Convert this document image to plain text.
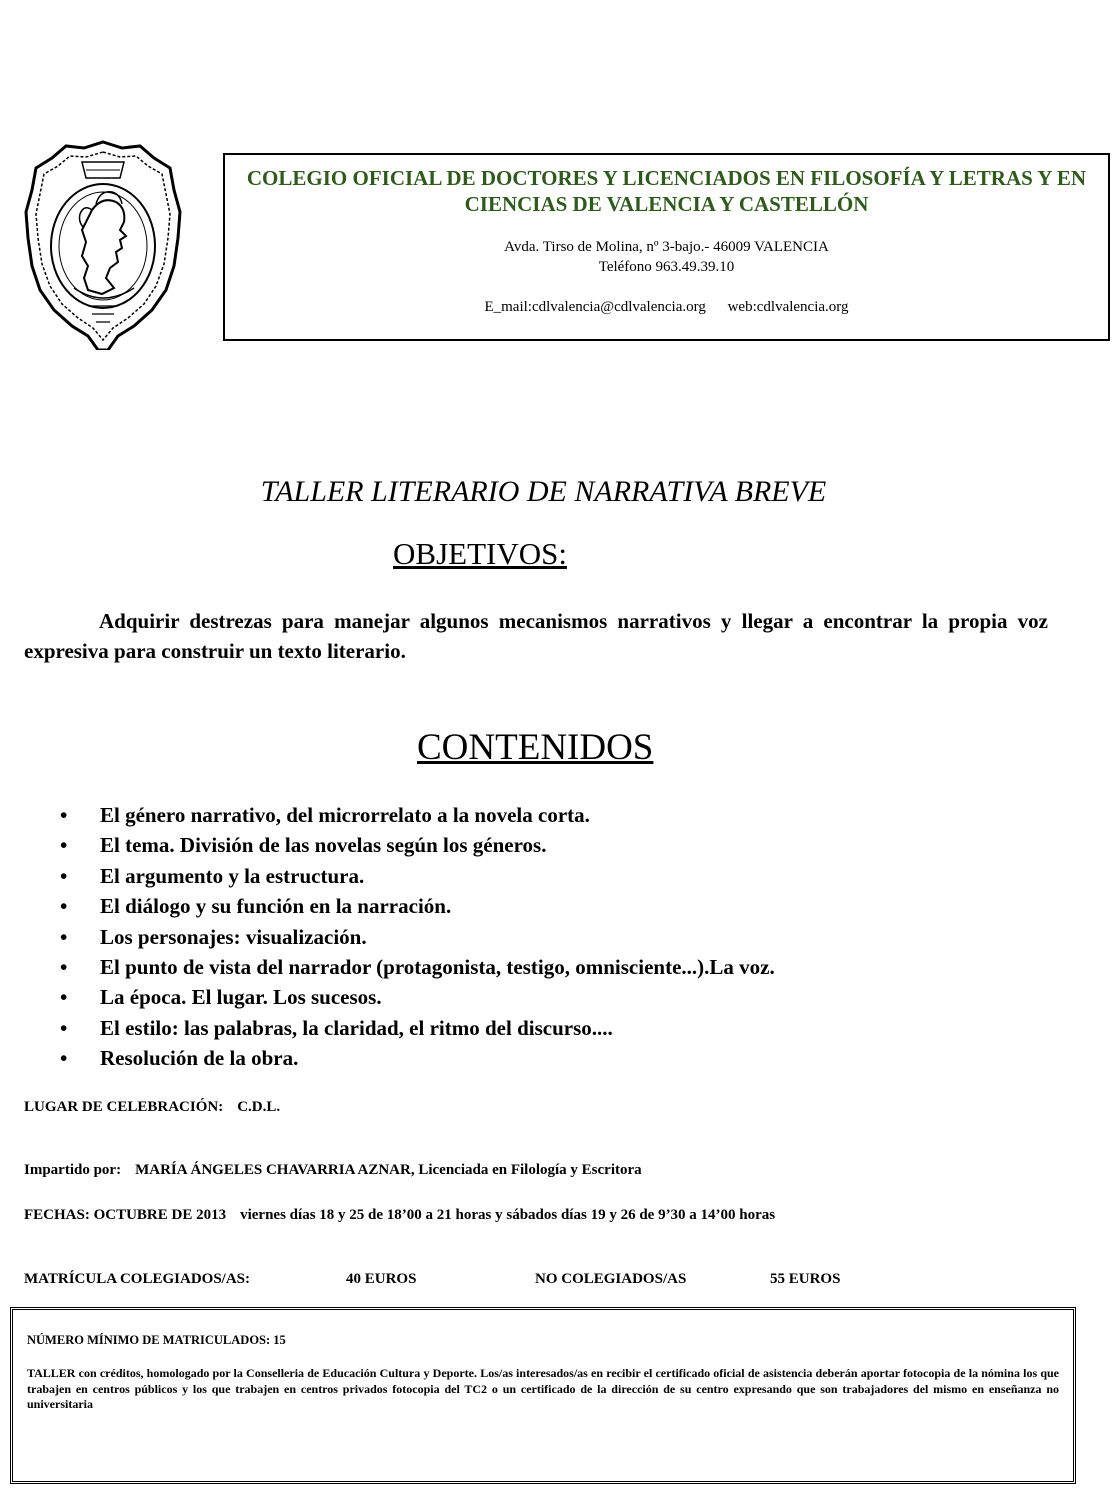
COLEGIO OFICIAL DE DOCTORES Y LICENCIADOS EN FILOSOFÍA Y LETRAS Y EN CIENCIAS DE VALENCIA Y CASTELLÓN
Avda. Tirso de Molina, nº 3-bajo.- 46009 VALENCIA
Teléfono 963.49.39.10
E_mail:cdlvalencia@cdlvalencia.org web:cdlvalencia.org
TALLER LITERARIO DE NARRATIVA BREVE
OBJETIVOS:

Adquirir destrezas para manejar algunos mecanismos narrativos y llegar a encontrar la propia voz expresiva para construir un texto literario.

CONTENIDOS
• El género narrativo, del microrrelato a la novela corta.
• El tema. División de las novelas según los géneros.
• El argumento y la estructura.
• El diálogo y su función en la narración.
• Los personajes: visualización.
• El punto de vista del narrador (protagonista, testigo, omnisciente...).La voz.
• La época. El lugar. Los sucesos.
• El estilo: las palabras, la claridad, el ritmo del discurso....
• Resolución de la obra.

LUGAR DE CELEBRACIÓN: C.D.L.

Impartido por: MARÍA ÁNGELES CHAVARRIA AZNAR, Licenciada en Filología y Escritora

FECHAS: OCTUBRE DE 2013 viernes días 18 y 25 de 18’00 a 21 horas y sábados días 19 y 26 de 9’30 a 14’00 horas

MATRÍCULA COLEGIADOS/AS:	40 EUROS	NO COLEGIADOS/AS	55 EUROS

NÚMERO MÍNIMO DE MATRICULADOS: 15

TALLER con créditos, homologado por la Conselleria de Educación Cultura y Deporte. Los/as interesados/as en recibir el certificado oficial de asistencia deberán aportar fotocopia de la nómina los que trabajen en centros públicos y los que trabajen en centros privados fotocopia del TC2 o un certificado de la dirección de su centro expresando que son trabajadores del mismo en enseñanza no universitaria
